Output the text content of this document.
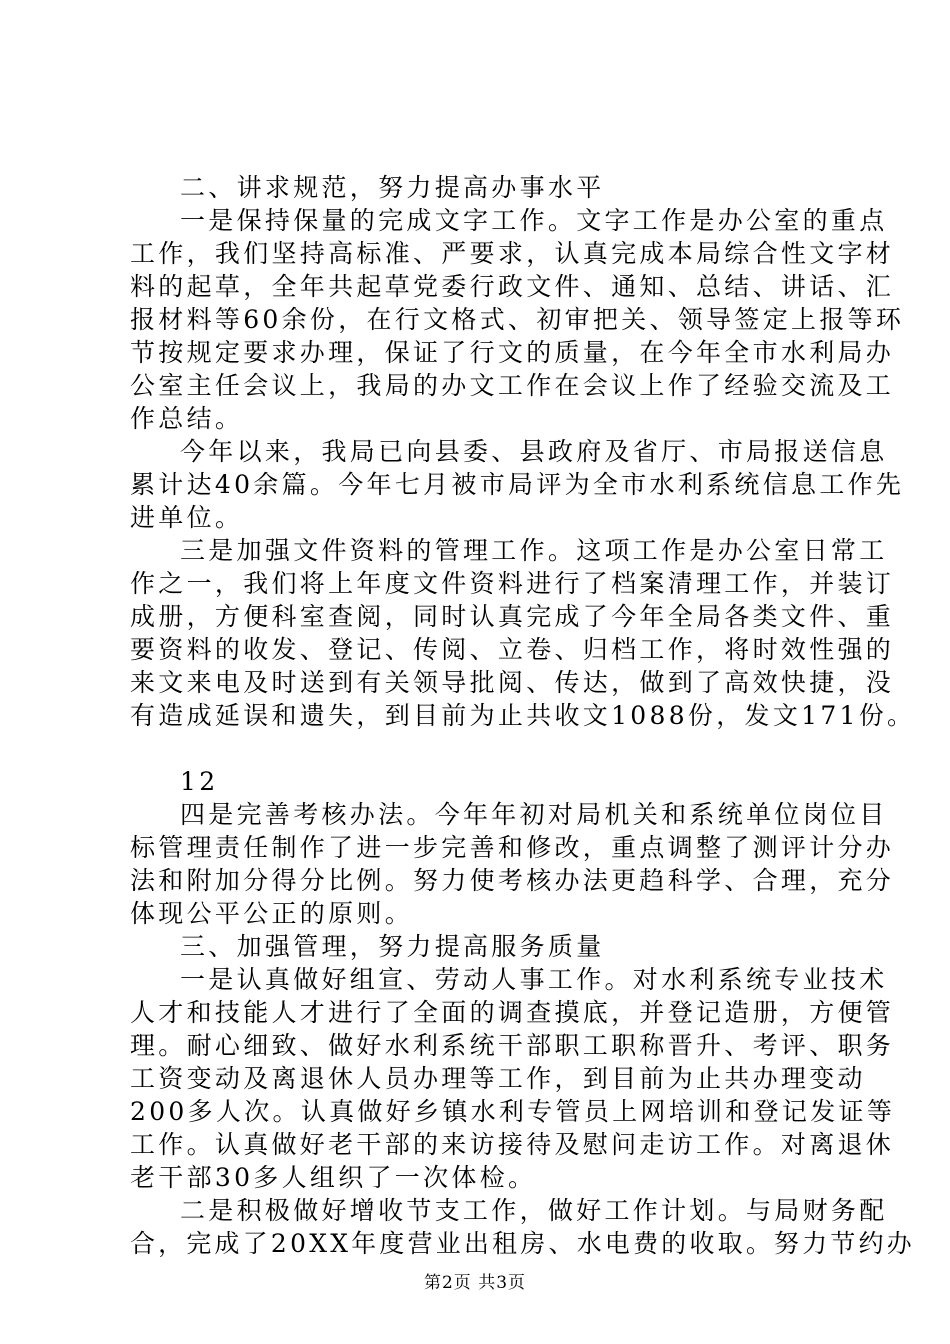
二、讲求规范，努力提高办事水平
一是保持保量的完成文字工作。文字工作是办公室的重点
工作，我们坚持高标准、严要求，认真完成本局综合性文字材
料的起草，全年共起草党委行政文件、通知、总结、讲话、汇
报材料等60余份，在行文格式、初审把关、领导签定上报等环
节按规定要求办理，保证了行文的质量，在今年全市水利局办
公室主任会议上，我局的办文工作在会议上作了经验交流及工
作总结。
今年以来，我局已向县委、县政府及省厅、市局报送信息
累计达40余篇。今年七月被市局评为全市水利系统信息工作先
进单位。
三是加强文件资料的管理工作。这项工作是办公室日常工
作之一，我们将上年度文件资料进行了档案清理工作，并装订
成册，方便科室查阅，同时认真完成了今年全局各类文件、重
要资料的收发、登记、传阅、立卷、归档工作，将时效性强的
来文来电及时送到有关领导批阅、传达，做到了高效快捷，没
有造成延误和遗失，到目前为止共收文1088份，发文171份。
12
四是完善考核办法。今年年初对局机关和系统单位岗位目
标管理责任制作了进一步完善和修改，重点调整了测评计分办
法和附加分得分比例。努力使考核办法更趋科学、合理，充分
体现公平公正的原则。
三、加强管理，努力提高服务质量
一是认真做好组宣、劳动人事工作。对水利系统专业技术
人才和技能人才进行了全面的调查摸底，并登记造册，方便管
理。耐心细致、做好水利系统干部职工职称晋升、考评、职务
工资变动及离退休人员办理等工作，到目前为止共办理变动
200多人次。认真做好乡镇水利专管员上网培训和登记发证等
工作。认真做好老干部的来访接待及慰问走访工作。对离退休
老干部30多人组织了一次体检。
二是积极做好增收节支工作，做好工作计划。与局财务配
合，完成了20XX年度营业出租房、水电费的收取。努力节约办
第2页 共3页
